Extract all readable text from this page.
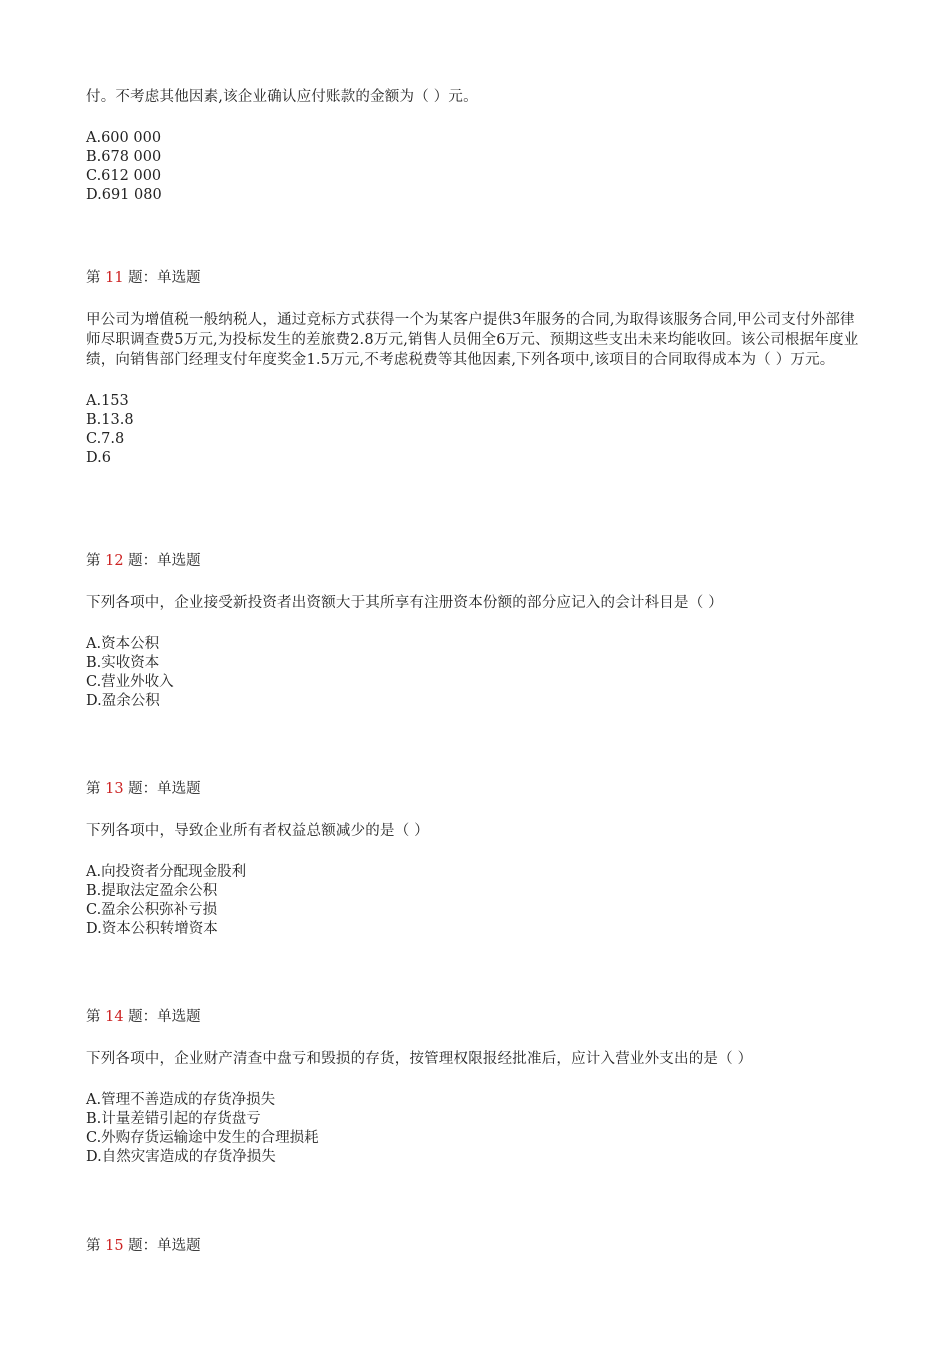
付。不考虑其他因素,该企业确认应付账款的金额为（ ）元。

A.600 000
B.678 000
C.612 000
D.691 080
第 11 题：单选题

甲公司为增值税一般纳税人，通过竞标方式获得一个为某客户提供3年服务的合同,为取得该服务合同,甲公司支付外部律师尽职调查费5万元,为投标发生的差旅费2.8万元,销售人员佣全6万元、预期这些支出未来均能收回。该公司根据年度业绩，向销售部门经理支付年度奖金1.5万元,不考虑税费等其他因素,下列各项中,该项目的合同取得成本为（ ）万元。

A.153
B.13.8
C.7.8
D.6
第 12 题：单选题

下列各项中，企业接受新投资者出资额大于其所享有注册资本份额的部分应记入的会计科目是（ ）

A.资本公积
B.实收资本
C.营业外收入
D.盈余公积
第 13 题：单选题

下列各项中，导致企业所有者权益总额减少的是（ ）

A.向投资者分配现金股利
B.提取法定盈余公积
C.盈余公积弥补亏损
D.资本公积转增资本
第 14 题：单选题

下列各项中，企业财产清查中盘亏和毁损的存货，按管理权限报经批准后，应计入营业外支出的是（ ）

A.管理不善造成的存货净损失
B.计量差错引起的存货盘亏
C.外购存货运输途中发生的合理损耗
D.自然灾害造成的存货净损失
第 15 题：单选题
